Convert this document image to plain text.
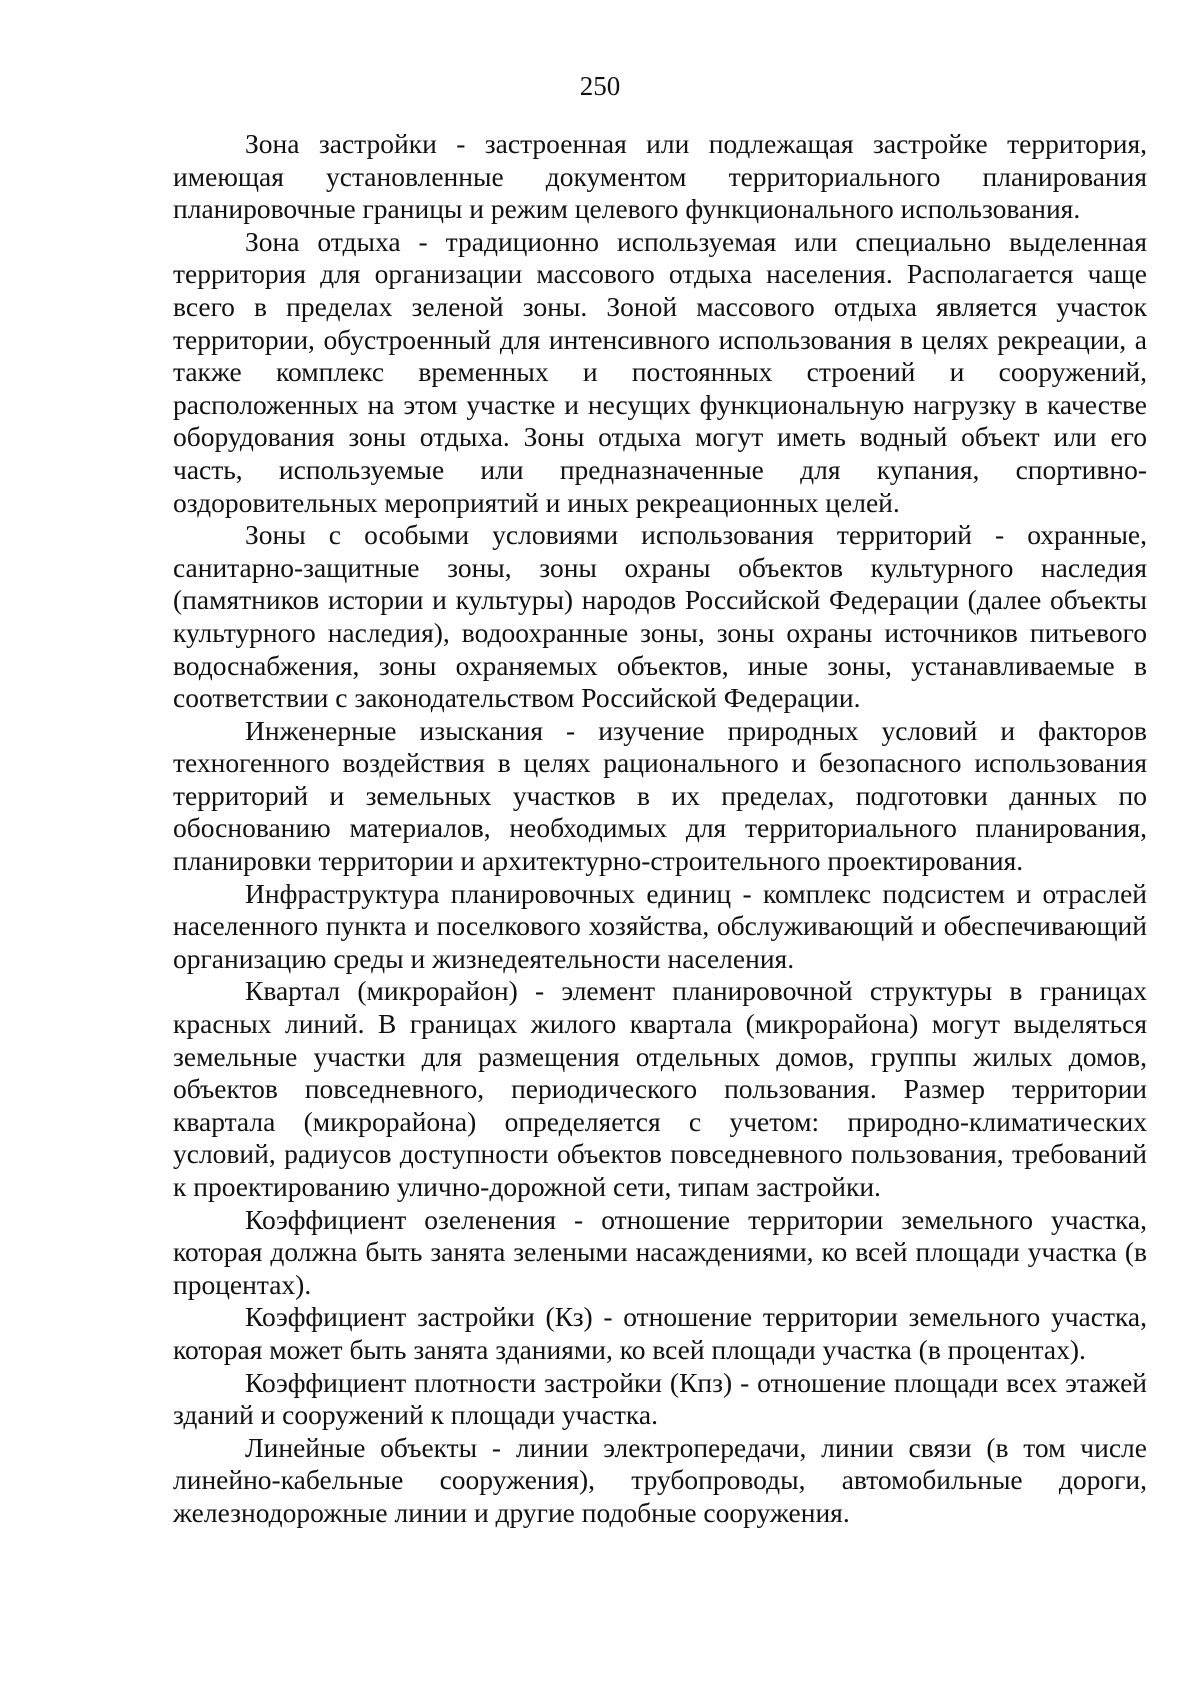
250

Зона застройки - застроенная или подлежащая застройке территория, имеющая установленные документом территориального планирования планировочные границы и режим целевого функционального использования.

Зона отдыха - традиционно используемая или специально выделенная территория для организации массового отдыха населения. Располагается чаще всего в пределах зеленой зоны. Зоной массового отдыха является участок территории, обустроенный для интенсивного использования в целях рекреации, а также комплекс временных и постоянных строений и сооружений, расположенных на этом участке и несущих функциональную нагрузку в качестве оборудования зоны отдыха. Зоны отдыха могут иметь водный объект или его часть, используемые или предназначенные для купания, спортивно-оздоровительных мероприятий и иных рекреационных целей.

Зоны с особыми условиями использования территорий - охранные, санитарно-защитные зоны, зоны охраны объектов культурного наследия (памятников истории и культуры) народов Российской Федерации (далее объекты культурного наследия), водоохранные зоны, зоны охраны источников питьевого водоснабжения, зоны охраняемых объектов, иные зоны, устанавливаемые в соответствии с законодательством Российской Федерации.

Инженерные изыскания - изучение природных условий и факторов техногенного воздействия в целях рационального и безопасного использования территорий и земельных участков в их пределах, подготовки данных по обоснованию материалов, необходимых для территориального планирования, планировки территории и архитектурно-строительного проектирования.

Инфраструктура планировочных единиц - комплекс подсистем и отраслей населенного пункта и поселкового хозяйства, обслуживающий и обеспечивающий организацию среды и жизнедеятельности населения.

Квартал (микрорайон) - элемент планировочной структуры в границах красных линий. В границах жилого квартала (микрорайона) могут выделяться земельные участки для размещения отдельных домов, группы жилых домов, объектов повседневного, периодического пользования. Размер территории квартала (микрорайона) определяется с учетом: природно-климатических условий, радиусов доступности объектов повседневного пользования, требований к проектированию улично-дорожной сети, типам застройки.

Коэффициент озеленения - отношение территории земельного участка, которая должна быть занята зелеными насаждениями, ко всей площади участка (в процентах).

Коэффициент застройки (Кз) - отношение территории земельного участка, которая может быть занята зданиями, ко всей площади участка (в процентах).

Коэффициент плотности застройки (Кпз) - отношение площади всех этажей зданий и сооружений к площади участка.

Линейные объекты - линии электропередачи, линии связи (в том числе линейно-кабельные сооружения), трубопроводы, автомобильные дороги, железнодорожные линии и другие подобные сооружения.
